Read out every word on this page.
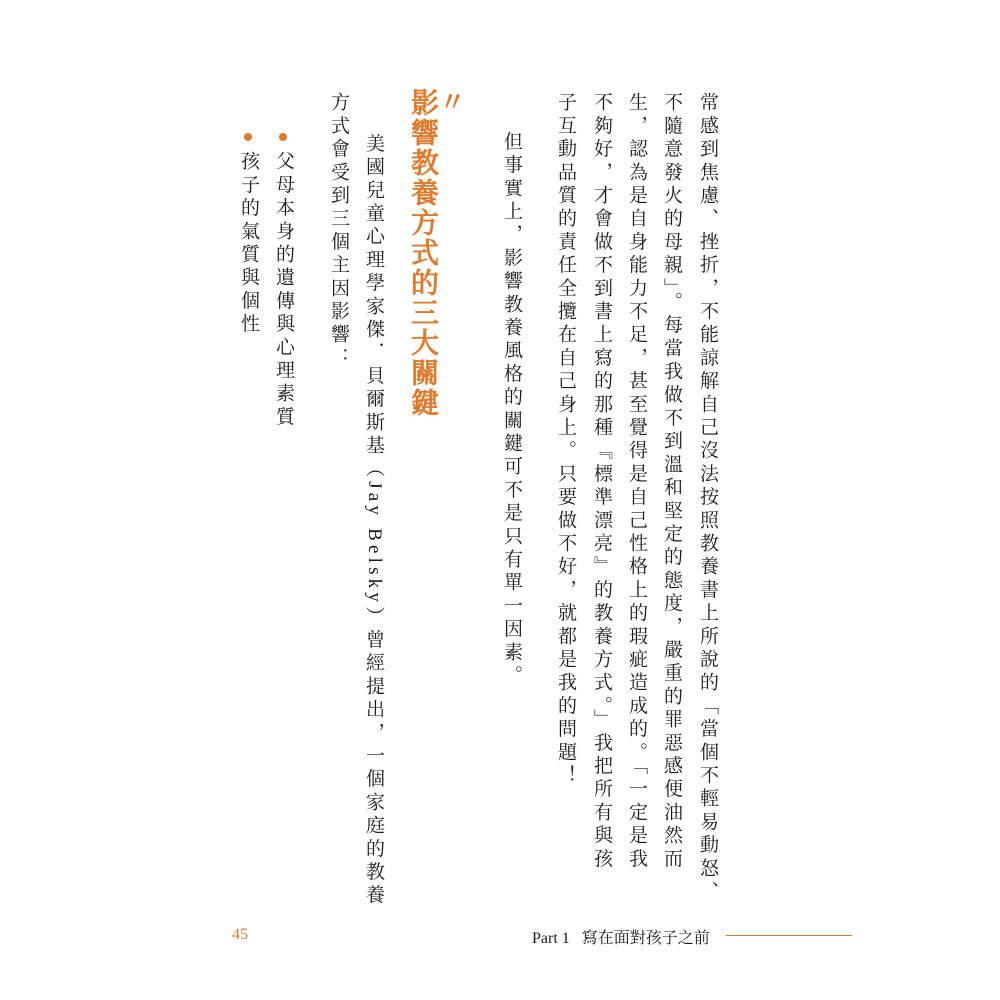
常感到焦慮、挫折，不能諒解自己沒法按照教養書上所說的「當個不輕易動怒、
不隨意發火的母親」。每當我做不到溫和堅定的態度，嚴重的罪惡感便油然而
生，認為是自身能力不足，甚至覺得是自己性格上的瑕疵造成的。「一定是我
不夠好，才會做不到書上寫的那種『標準漂亮』的教養方式。」我把所有與孩
子互動品質的責任全攬在自己身上。只要做不好，就都是我的問題！
　但事實上，影響教養風格的關鍵可不是只有單一因素。
〃
影響教養方式的三大關鍵
　美國兒童心理學家傑．貝爾斯基（Jay Belsky）曾經提出，一個家庭的教養
方式會受到三個主因影響：
父母本身的遺傳與心理素質
孩子的氣質與個性
45	Part 1 寫在面對孩子之前
